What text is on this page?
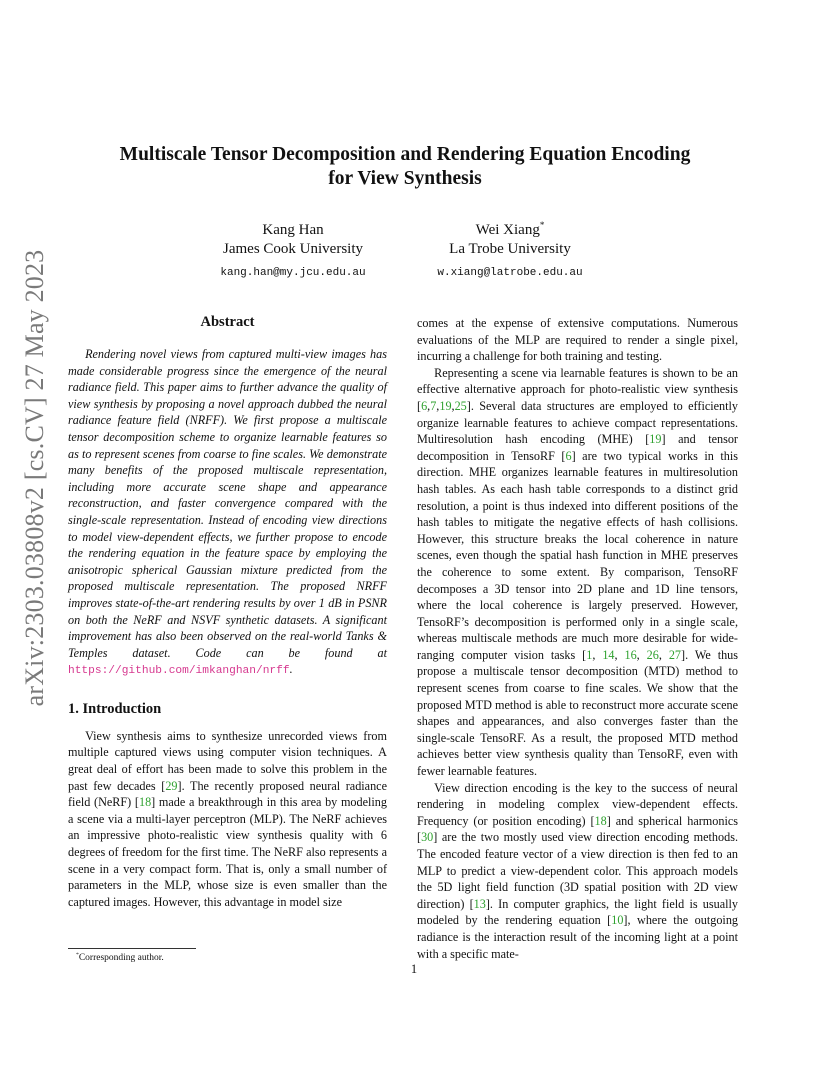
arXiv:2303.03808v2 [cs.CV] 27 May 2023
Multiscale Tensor Decomposition and Rendering Equation Encoding
for View Synthesis
Kang Han
James Cook University
kang.han@my.jcu.edu.au
Wei Xiang*
La Trobe University
w.xiang@latrobe.edu.au
Abstract

Rendering novel views from captured multi-view images has made considerable progress since the emergence of the neural radiance field. This paper aims to further advance the quality of view synthesis by proposing a novel approach dubbed the neural radiance feature field (NRFF). We first propose a multiscale tensor decomposition scheme to organize learnable features so as to represent scenes from coarse to fine scales. We demonstrate many benefits of the proposed multiscale representation, including more accurate scene shape and appearance reconstruction, and faster convergence compared with the single-scale representation. Instead of encoding view directions to model view-dependent effects, we further propose to encode the rendering equation in the feature space by employing the anisotropic spherical Gaussian mixture predicted from the proposed multiscale representation. The proposed NRFF improves state-of-the-art rendering results by over 1 dB in PSNR on both the NeRF and NSVF synthetic datasets. A significant improvement has also been observed on the real-world Tanks & Temples dataset. Code can be found at https://github.com/imkanghan/nrff.

1. Introduction

View synthesis aims to synthesize unrecorded views from multiple captured views using computer vision techniques. A great deal of effort has been made to solve this problem in the past few decades [29]. The recently proposed neural radiance field (NeRF) [18] made a breakthrough in this area by modeling a scene via a multi-layer perceptron (MLP). The NeRF achieves an impressive photo-realistic view synthesis quality with 6 degrees of freedom for the first time. The NeRF also represents a scene in a very compact form. That is, only a small number of parameters in the MLP, whose size is even smaller than the captured images. However, this advantage in model size

comes at the expense of extensive computations. Numerous evaluations of the MLP are required to render a single pixel, incurring a challenge for both training and testing.

Representing a scene via learnable features is shown to be an effective alternative approach for photo-realistic view synthesis [6,7,19,25]. Several data structures are employed to efficiently organize learnable features to achieve compact representations. Multiresolution hash encoding (MHE) [19] and tensor decomposition in TensoRF [6] are two typical works in this direction. MHE organizes learnable features in multiresolution hash tables. As each hash table corresponds to a distinct grid resolution, a point is thus indexed into different positions of the hash tables to mitigate the negative effects of hash collisions. However, this structure breaks the local coherence in nature scenes, even though the spatial hash function in MHE preserves the coherence to some extent. By comparison, TensoRF decomposes a 3D tensor into 2D plane and 1D line tensors, where the local coherence is largely preserved. However, TensoRF’s decomposition is performed only in a single scale, whereas multiscale methods are much more desirable for wide-ranging computer vision tasks [1, 14, 16, 26, 27]. We thus propose a multiscale tensor decomposition (MTD) method to represent scenes from coarse to fine scales. We show that the proposed MTD method is able to reconstruct more accurate scene shapes and appearances, and also converges faster than the single-scale TensoRF. As a result, the proposed MTD method achieves better view synthesis quality than TensoRF, even with fewer learnable features.

View direction encoding is the key to the success of neural rendering in modeling complex view-dependent effects. Frequency (or position encoding) [18] and spherical harmonics [30] are the two mostly used view direction encoding methods. The encoded feature vector of a view direction is then fed to an MLP to predict a view-dependent color. This approach models the 5D light field function (3D spatial position with 2D view direction) [13]. In computer graphics, the light field is usually modeled by the rendering equation [10], where the outgoing radiance is the interaction result of the incoming light at a point with a specific mate-

*Corresponding author.
1
